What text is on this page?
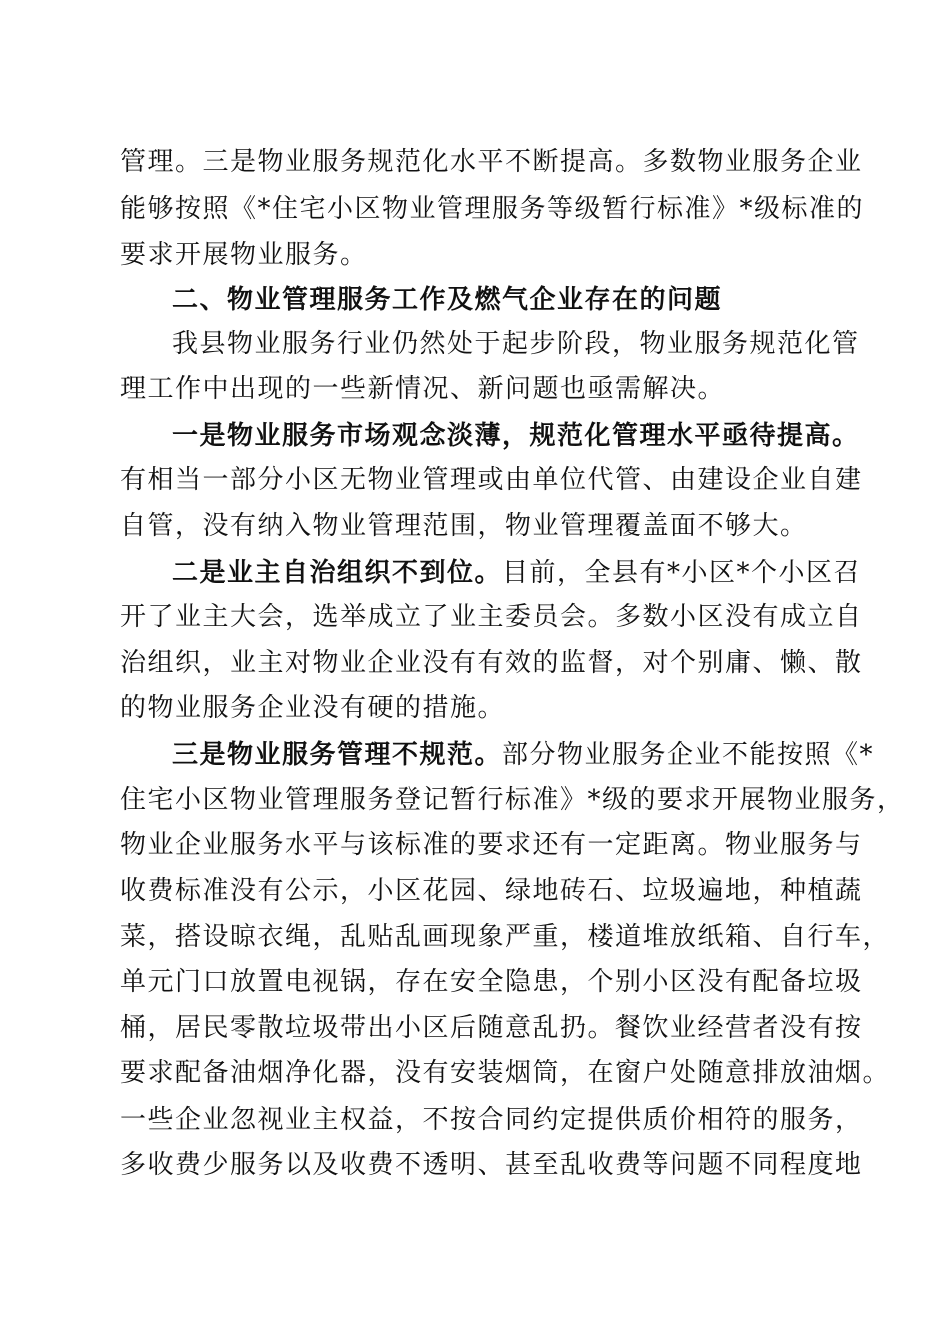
管理。三是物业服务规范化水平不断提高。多数物业服务企业
能够按照《*住宅小区物业管理服务等级暂行标准》*级标准的
要求开展物业服务。
二、物业管理服务工作及燃气企业存在的问题
我县物业服务行业仍然处于起步阶段，物业服务规范化管
理工作中出现的一些新情况、新问题也亟需解决。
一是物业服务市场观念淡薄，规范化管理水平亟待提高。
有相当一部分小区无物业管理或由单位代管、由建设企业自建
自管，没有纳入物业管理范围，物业管理覆盖面不够大。
二是业主自治组织不到位。目前，全县有*小区*个小区召
开了业主大会，选举成立了业主委员会。多数小区没有成立自
治组织，业主对物业企业没有有效的监督，对个别庸、懒、散
的物业服务企业没有硬的措施。
三是物业服务管理不规范。部分物业服务企业不能按照《*
住宅小区物业管理服务登记暂行标准》*级的要求开展物业服务，
物业企业服务水平与该标准的要求还有一定距离。物业服务与
收费标准没有公示，小区花园、绿地砖石、垃圾遍地，种植蔬
菜，搭设晾衣绳，乱贴乱画现象严重，楼道堆放纸箱、自行车，
单元门口放置电视锅，存在安全隐患，个别小区没有配备垃圾
桶，居民零散垃圾带出小区后随意乱扔。餐饮业经营者没有按
要求配备油烟净化器，没有安装烟筒，在窗户处随意排放油烟。
一些企业忽视业主权益，不按合同约定提供质价相符的服务，
多收费少服务以及收费不透明、甚至乱收费等问题不同程度地
